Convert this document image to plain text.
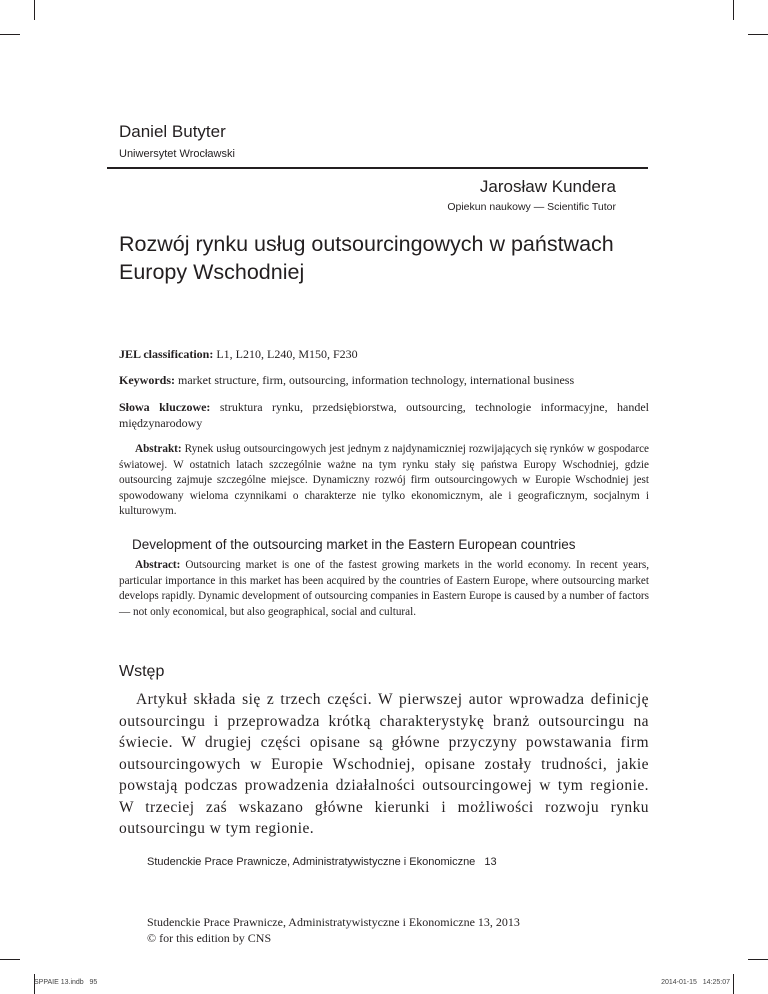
Daniel Butyter
Uniwersytet Wrocławski
Jarosław Kundera
Opiekun naukowy — Scientific Tutor
Rozwój rynku usług outsourcingowych w państwach Europy Wschodniej
JEL classification: L1, L210, L240, M150, F230
Keywords: market structure, firm, outsourcing, information technology, international business
Słowa kluczowe: struktura rynku, przedsiębiorstwa, outsourcing, technologie informacyjne, handel międzynarodowy
Abstrakt: Rynek usług outsourcingowych jest jednym z najdynamiczniej rozwijających się rynków w gospodarce światowej. W ostatnich latach szczególnie ważne na tym rynku stały się państwa Europy Wschodniej, gdzie outsourcing zajmuje szczególne miejsce. Dynamiczny rozwój firm outsourcingowych w Europie Wschodniej jest spowodowany wieloma czynnikami o charakterze nie tylko ekonomicznym, ale i geograficznym, socjalnym i kulturowym.
Development of the outsourcing market in the Eastern European countries
Abstract: Outsourcing market is one of the fastest growing markets in the world economy. In recent years, particular importance in this market has been acquired by the countries of Eastern Europe, where outsourcing market develops rapidly. Dynamic development of outsourcing companies in Eastern Europe is caused by a number of factors — not only economical, but also geographical, social and cultural.
Wstęp
Artykuł składa się z trzech części. W pierwszej autor wprowadza definicję outsourcingu i przeprowadza krótką charakterystykę branż outsourcingu na świecie. W drugiej części opisane są główne przyczyny powstawania firm outsourcingowych w Europie Wschodniej, opisane zostały trudności, jakie powstają podczas prowadzenia działalności outsourcingowej w tym regionie. W trzeciej zaś wskazano główne kierunki i możliwości rozwoju rynku outsourcingu w tym regionie.
Studenckie Prace Prawnicze, Administratywistyczne i Ekonomiczne 13
Studenckie Prace Prawnicze, Administratywistyczne i Ekonomiczne 13, 2013
© for this edition by CNS
SPPAIE 13.indb   95	2014-01-15   14:25:07
